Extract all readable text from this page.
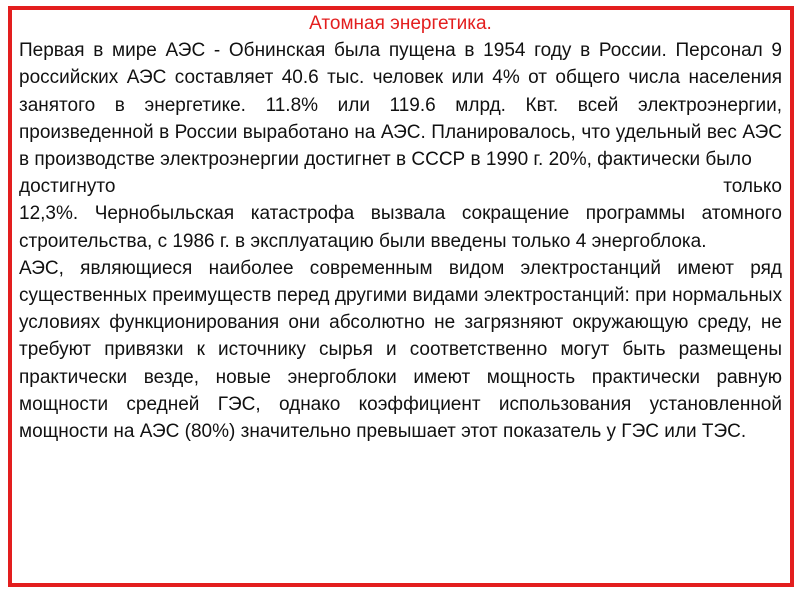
Атомная энергетика.

Первая в мире АЭС - Обнинская была пущена в 1954 году в России. Персонал 9 российских АЭС составляет 40.6 тыс. человек или 4% от общего числа населения занятого в энергетике. 11.8% или 119.6 млрд. Квт. всей электроэнергии, произведенной в России выработано на АЭС. Планировалось, что удельный вес АЭС в производстве электроэнергии достигнет в СССР в 1990 г. 20%, фактически было
достигнуто только
12,3%. Чернобыльская катастрофа вызвала сокращение программы атомного строительства, с 1986 г. в эксплуатацию были введены только 4 энергоблока.

АЭС, являющиеся наиболее современным видом электростанций имеют ряд существенных преимуществ перед другими видами электростанций: при нормальных условиях функционирования они абсолютно не загрязняют окружающую среду, не требуют привязки к источнику сырья и соответственно могут быть размещены практически везде, новые энергоблоки имеют мощность практически равную мощности средней ГЭС, однако коэффициент использования установленной мощности на АЭС (80%) значительно превышает этот показатель у ГЭС или ТЭС.
